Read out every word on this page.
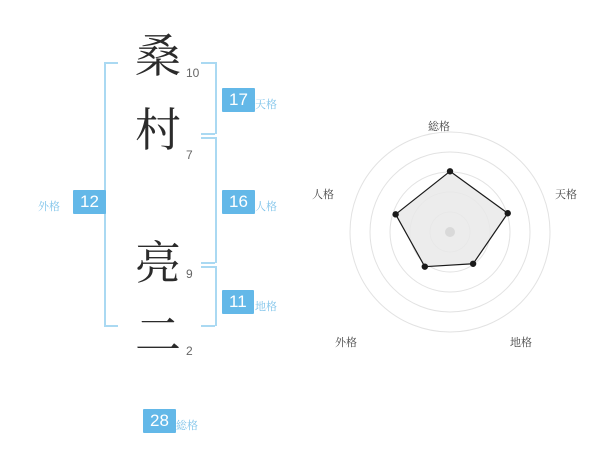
桑
村
亮
二
10
7
9
2
17 天格
16 人格
11 地格
12
外格
28 総格
総格
天格
地格
外格
人格
